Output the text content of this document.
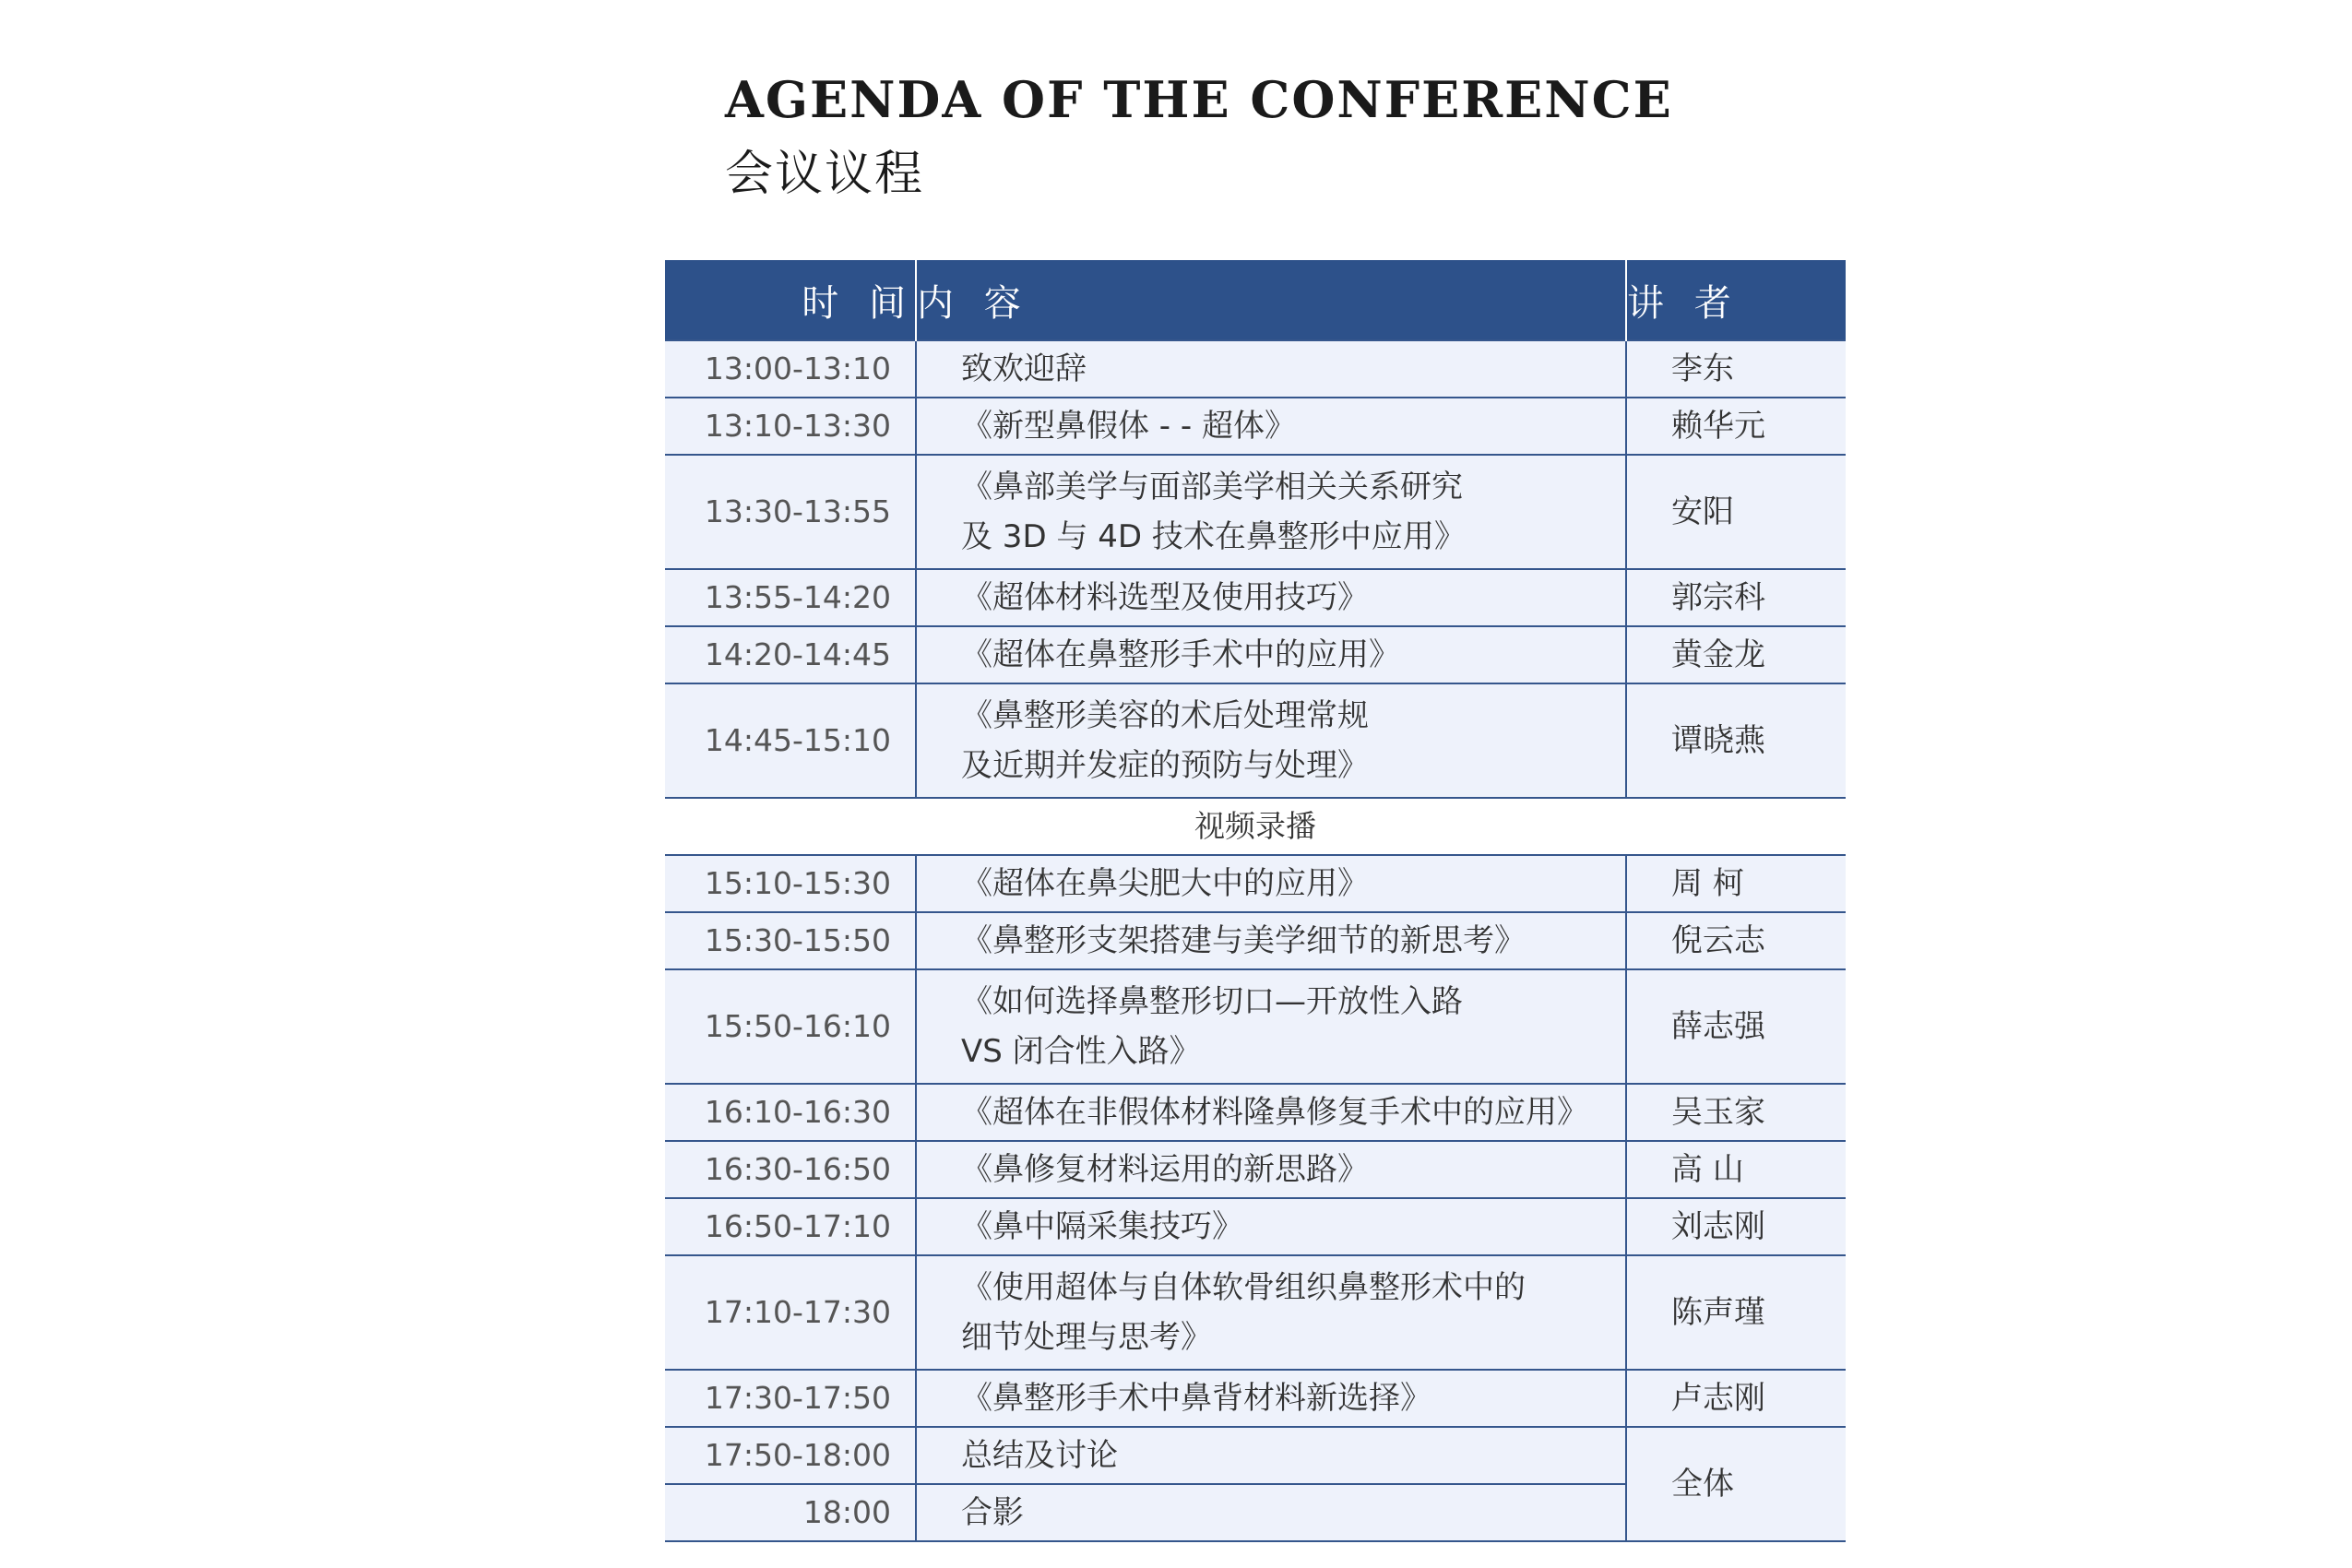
AGENDA OF THE CONFERENCE
会议议程
时 间	内 容	讲 者
13:00-13:10	致欢迎辞	李东
13:10-13:30	《新型鼻假体 - - 超体》	赖华元
13:30-13:55	《鼻部美学与面部美学相关关系研究
及 3D 与 4D 技术在鼻整形中应用》	安阳
13:55-14:20	《超体材料选型及使用技巧》	郭宗科
14:20-14:45	《超体在鼻整形手术中的应用》	黄金龙
14:45-15:10	《鼻整形美容的术后处理常规
及近期并发症的预防与处理》	谭晓燕
视频录播		
15:10-15:30	《超体在鼻尖肥大中的应用》	周 柯
15:30-15:50	《鼻整形支架搭建与美学细节的新思考》	倪云志
15:50-16:10	《如何选择鼻整形切口—开放性入路
VS 闭合性入路》	薛志强
16:10-16:30	《超体在非假体材料隆鼻修复手术中的应用》	吴玉家
16:30-16:50	《鼻修复材料运用的新思路》	高 山
16:50-17:10	《鼻中隔采集技巧》	刘志刚
17:10-17:30	《使用超体与自体软骨组织鼻整形术中的
细节处理与思考》	陈声瑾
17:30-17:50	《鼻整形手术中鼻背材料新选择》	卢志刚
17:50-18:00	总结及讨论	全体
18:00	合影	
